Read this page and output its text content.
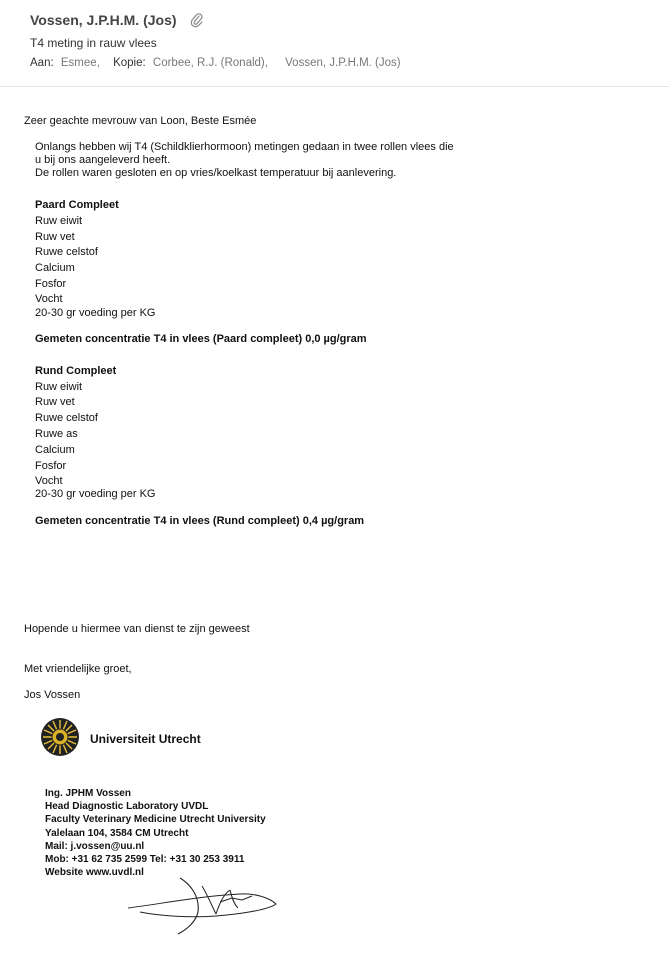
Vossen, J.P.H.M. (Jos)
T4 meting in rauw vlees
Aan: Esmee, Kopie: Corbee, R.J. (Ronald), Vossen, J.P.H.M. (Jos)
Zeer geachte mevrouw van Loon, Beste Esmée
Onlangs hebben wij T4 (Schildklierhormoon) metingen gedaan in twee rollen vlees die
u bij ons aangeleverd heeft.
De rollen waren gesloten en op vries/koelkast temperatuur bij aanlevering.
Paard Compleet
Ruw eiwit
Ruw vet
Ruwe celstof
Calcium
Fosfor
Vocht
20-30 gr voeding per KG
Gemeten concentratie T4 in vlees (Paard compleet) 0,0 µg/gram
Rund Compleet
Ruw eiwit
Ruw vet
Ruwe celstof
Ruwe as
Calcium
Fosfor
Vocht
20-30 gr voeding per KG
Gemeten concentratie T4 in vlees (Rund compleet) 0,4 µg/gram
Hopende u hiermee van dienst te zijn geweest
Met vriendelijke groet,
Jos Vossen
Universiteit Utrecht
Ing. JPHM Vossen
Head Diagnostic Laboratory UVDL
Faculty Veterinary Medicine Utrecht University
Yalelaan 104, 3584 CM Utrecht
Mail: j.vossen@uu.nl
Mob: +31 62 735 2599 Tel: +31 30 253 3911
Website www.uvdl.nl
